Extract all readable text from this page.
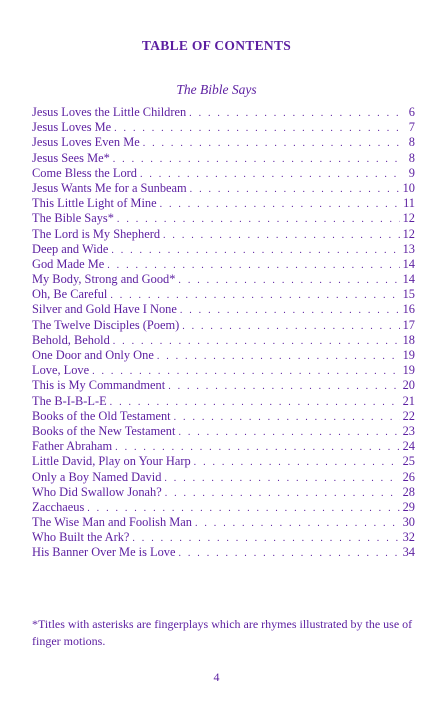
TABLE OF CONTENTS
The Bible Says
Jesus Loves the Little Children . . .	6
Jesus Loves Me . . .	7
Jesus Loves Even Me . . .	8
Jesus Sees Me* . . .	8
Come Bless the Lord . . .	9
Jesus Wants Me for a Sunbeam . . .	10
This Little Light of Mine . . .	11
The Bible Says* . . .	12
The Lord is My Shepherd . . .	12
Deep and Wide . . .	13
God Made Me . . .	14
My Body, Strong and Good* . . .	14
Oh, Be Careful . . .	15
Silver and Gold Have I None . . .	16
The Twelve Disciples (Poem) . . .	17
Behold, Behold . . .	18
One Door and Only One . . .	19
Love, Love . . .	19
This is My Commandment . . .	20
The B-I-B-L-E . . .	21
Books of the Old Testament . . .	22
Books of the New Testament . . .	23
Father Abraham . . .	24
Little David, Play on Your Harp . . .	25
Only a Boy Named David . . .	26
Who Did Swallow Jonah? . . .	28
Zacchaeus . . .	29
The Wise Man and Foolish Man . . .	30
Who Built the Ark? . . .	32
His Banner Over Me is Love . . .	34
*Titles with asterisks are fingerplays which are rhymes illustrated by the use of finger motions.
4
